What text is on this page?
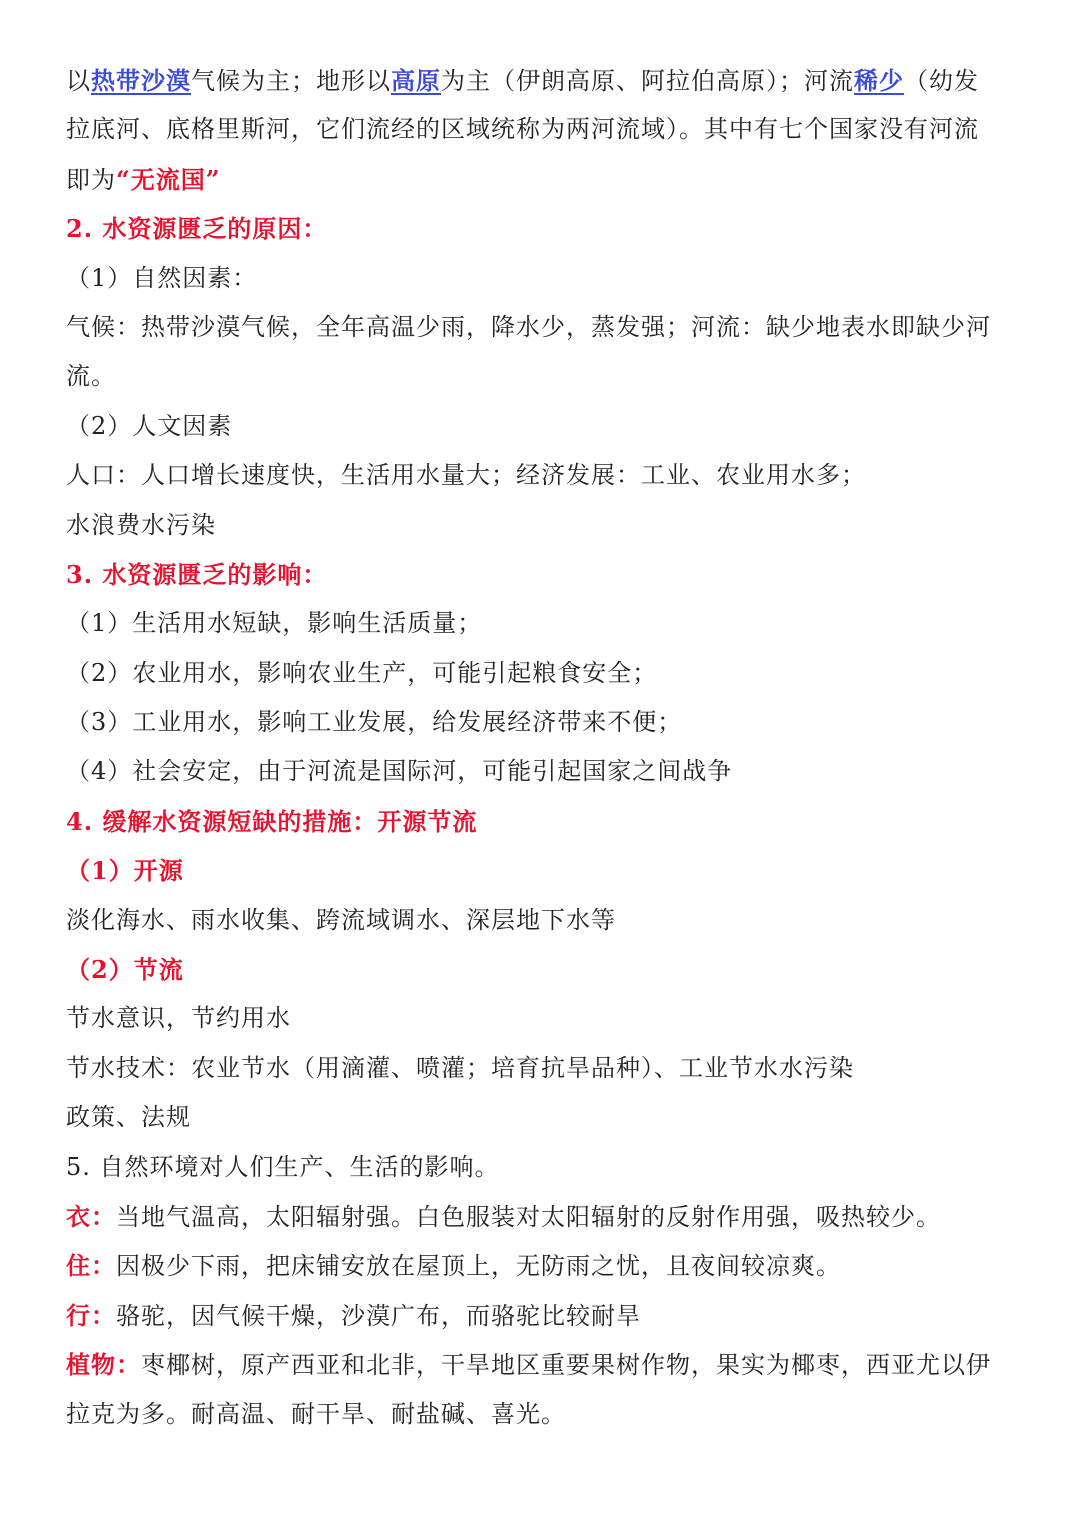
以热带沙漠气候为主；地形以高原为主（伊朗高原、阿拉伯高原）；河流稀少（幼发
拉底河、底格里斯河，它们流经的区域统称为两河流域）。其中有七个国家没有河流
即为“无流国”
2. 水资源匮乏的原因：
（1）自然因素：
气候：热带沙漠气候，全年高温少雨，降水少，蒸发强；河流：缺少地表水即缺少河
流。
（2）人文因素
人口：人口增长速度快，生活用水量大；经济发展：工业、农业用水多；
水浪费水污染
3. 水资源匮乏的影响：
（1）生活用水短缺，影响生活质量；
（2）农业用水，影响农业生产，可能引起粮食安全；
（3）工业用水，影响工业发展，给发展经济带来不便；
（4）社会安定，由于河流是国际河，可能引起国家之间战争
4. 缓解水资源短缺的措施：开源节流
（1）开源
淡化海水、雨水收集、跨流域调水、深层地下水等
（2）节流
节水意识，节约用水
节水技术：农业节水（用滴灌、喷灌；培育抗旱品种）、工业节水水污染
政策、法规
5. 自然环境对人们生产、生活的影响。
衣：当地气温高，太阳辐射强。白色服装对太阳辐射的反射作用强，吸热较少。
住：因极少下雨，把床铺安放在屋顶上，无防雨之忧，且夜间较凉爽。
行：骆驼，因气候干燥，沙漠广布，而骆驼比较耐旱
植物：枣椰树，原产西亚和北非，干旱地区重要果树作物，果实为椰枣，西亚尤以伊
拉克为多。耐高温、耐干旱、耐盐碱、喜光。
